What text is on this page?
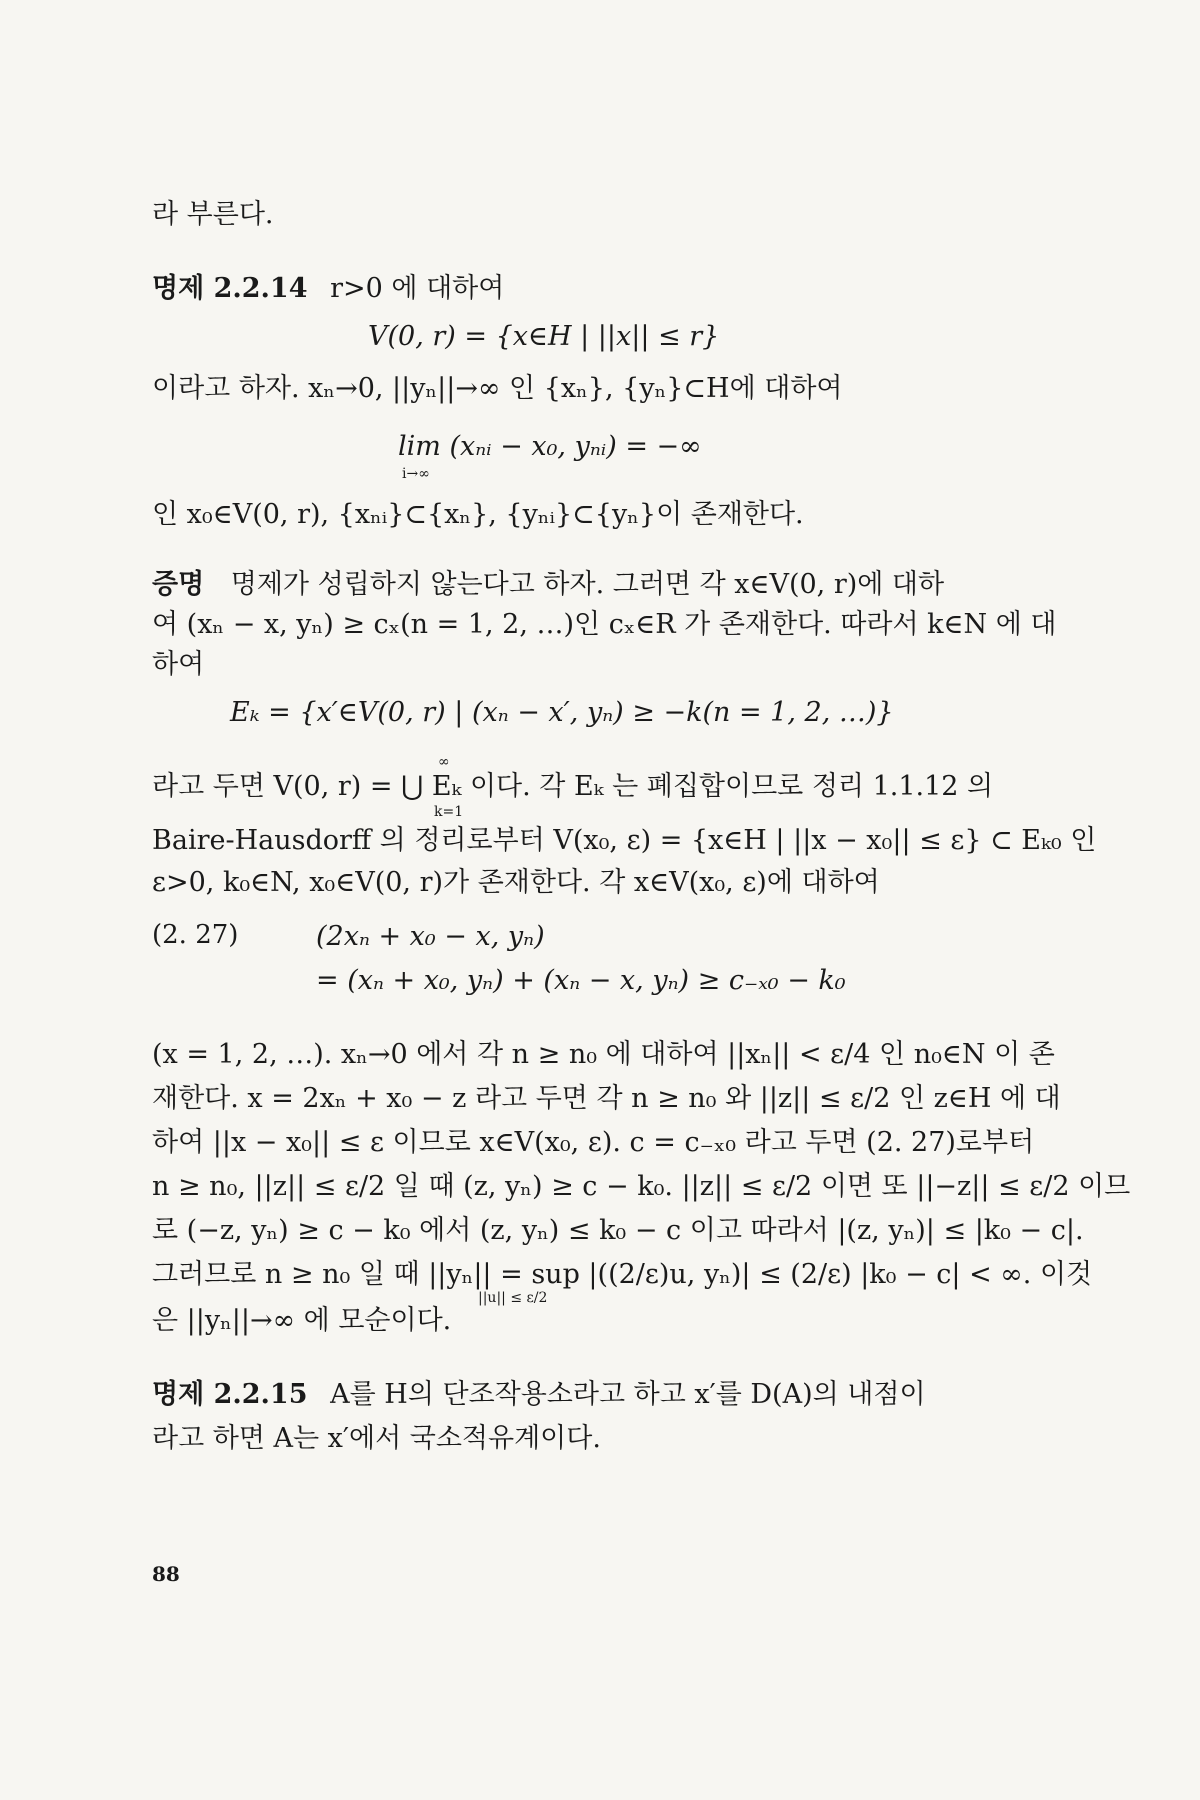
라 부른다.
명제 2.2.14 r>0 에 대하여
V(0, r) = {x∈H | ||x|| ≤ r}
이라고 하자. xₙ→0, ||yₙ||→∞ 인 {xₙ}, {yₙ}⊂H에 대하여
lim (xₙᵢ − x₀, yₙᵢ) = −∞
i→∞
인 x₀∈V(0, r), {xₙᵢ}⊂{xₙ}, {yₙᵢ}⊂{yₙ}이 존재한다.
증명 명제가 성립하지 않는다고 하자. 그러면 각 x∈V(0, r)에 대하
여 (xₙ − x, yₙ) ≥ cₓ(n = 1, 2, …)인 cₓ∈R 가 존재한다. 따라서 k∈N 에 대
하여
Eₖ = {x′∈V(0, r) | (xₙ − x′, yₙ) ≥ −k(n = 1, 2, …)}
∞
라고 두면 V(0, r) = ⋃ Eₖ 이다. 각 Eₖ 는 폐집합이므로 정리 1.1.12 의
k=1
Baire-Hausdorff 의 정리로부터 V(x₀, ε) = {x∈H | ||x − x₀|| ≤ ε} ⊂ Eₖ₀ 인
ε>0, k₀∈N, x₀∈V(0, r)가 존재한다. 각 x∈V(x₀, ε)에 대하여
(2. 27)	(2xₙ + x₀ − x, yₙ)
= (xₙ + x₀, yₙ) + (xₙ − x, yₙ) ≥ c₋ₓ₀ − k₀
(x = 1, 2, …). xₙ→0 에서 각 n ≥ n₀ 에 대하여 ||xₙ|| < ε/4 인 n₀∈N 이 존
재한다. x = 2xₙ + x₀ − z 라고 두면 각 n ≥ n₀ 와 ||z|| ≤ ε/2 인 z∈H 에 대
하여 ||x − x₀|| ≤ ε 이므로 x∈V(x₀, ε). c = c₋ₓ₀ 라고 두면 (2. 27)로부터
n ≥ n₀, ||z|| ≤ ε/2 일 때 (z, yₙ) ≥ c − k₀. ||z|| ≤ ε/2 이면 또 ||−z|| ≤ ε/2 이므
로 (−z, yₙ) ≥ c − k₀ 에서 (z, yₙ) ≤ k₀ − c 이고 따라서 |(z, yₙ)| ≤ |k₀ − c|.
그러므로 n ≥ n₀ 일 때 ||yₙ|| = sup |((2/ε)u, yₙ)| ≤ (2/ε) |k₀ − c| < ∞. 이것
||u|| ≤ ε/2
은 ||yₙ||→∞ 에 모순이다.
명제 2.2.15 A를 H의 단조작용소라고 하고 x′를 D(A)의 내점이
라고 하면 A는 x′에서 국소적유계이다.
88
